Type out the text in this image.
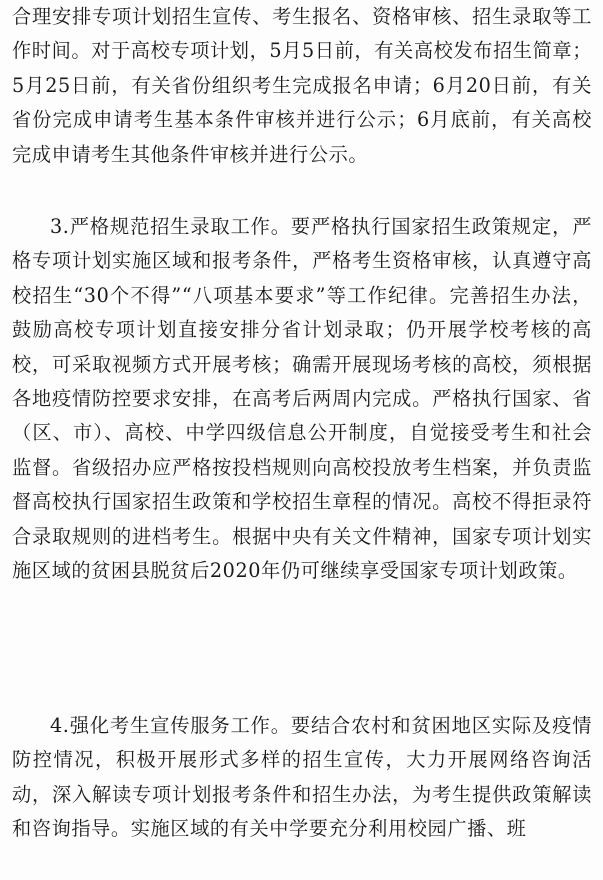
合理安排专项计划招生宣传、考生报名、资格审核、招生录取等工作时间。对于高校专项计划，5月5日前，有关高校发布招生简章；5月25日前，有关省份组织考生完成报名申请；6月20日前，有关省份完成申请考生基本条件审核并进行公示；6月底前，有关高校完成申请考生其他条件审核并进行公示。

3.严格规范招生录取工作。要严格执行国家招生政策规定，严格专项计划实施区域和报考条件，严格考生资格审核，认真遵守高校招生“30个不得”“八项基本要求”等工作纪律。完善招生办法，鼓励高校专项计划直接安排分省计划录取；仍开展学校考核的高校，可采取视频方式开展考核；确需开展现场考核的高校，须根据各地疫情防控要求安排，在高考后两周内完成。严格执行国家、省（区、市）、高校、中学四级信息公开制度，自觉接受考生和社会监督。省级招办应严格按投档规则向高校投放考生档案，并负责监督高校执行国家招生政策和学校招生章程的情况。高校不得拒录符合录取规则的进档考生。根据中央有关文件精神，国家专项计划实施区域的贫困县脱贫后2020年仍可继续享受国家专项计划政策。

4.强化考生宣传服务工作。要结合农村和贫困地区实际及疫情防控情况，积极开展形式多样的招生宣传，大力开展网络咨询活动，深入解读专项计划报考条件和招生办法，为考生提供政策解读和咨询指导。实施区域的有关中学要充分利用校园广播、班
